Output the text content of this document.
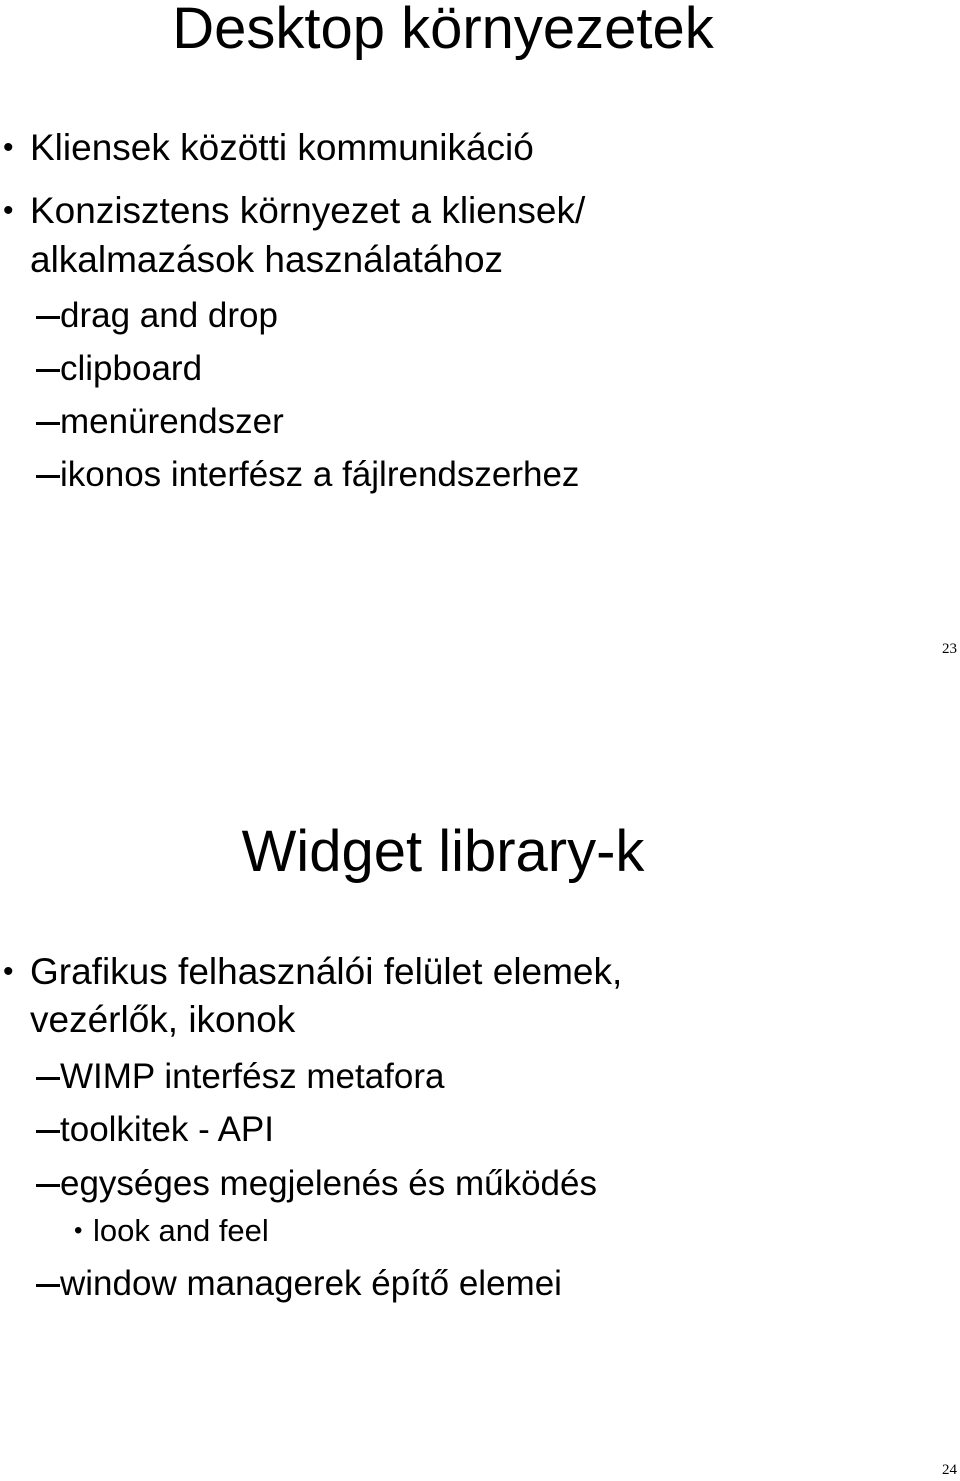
Desktop környezetek
• Kliensek közötti kommunikáció
• Konzisztens környezet a kliensek/
alkalmazások használatához
drag and drop
clipboard
menürendszer
ikonos interfész a fájlrendszerhez
23
Widget library-k
• Grafikus felhasználói felület elemek,
vezérlők, ikonok
WIMP interfész metafora
toolkitek - API
egységes megjelenés és működés
• look and feel
window managerek építő elemei
24
